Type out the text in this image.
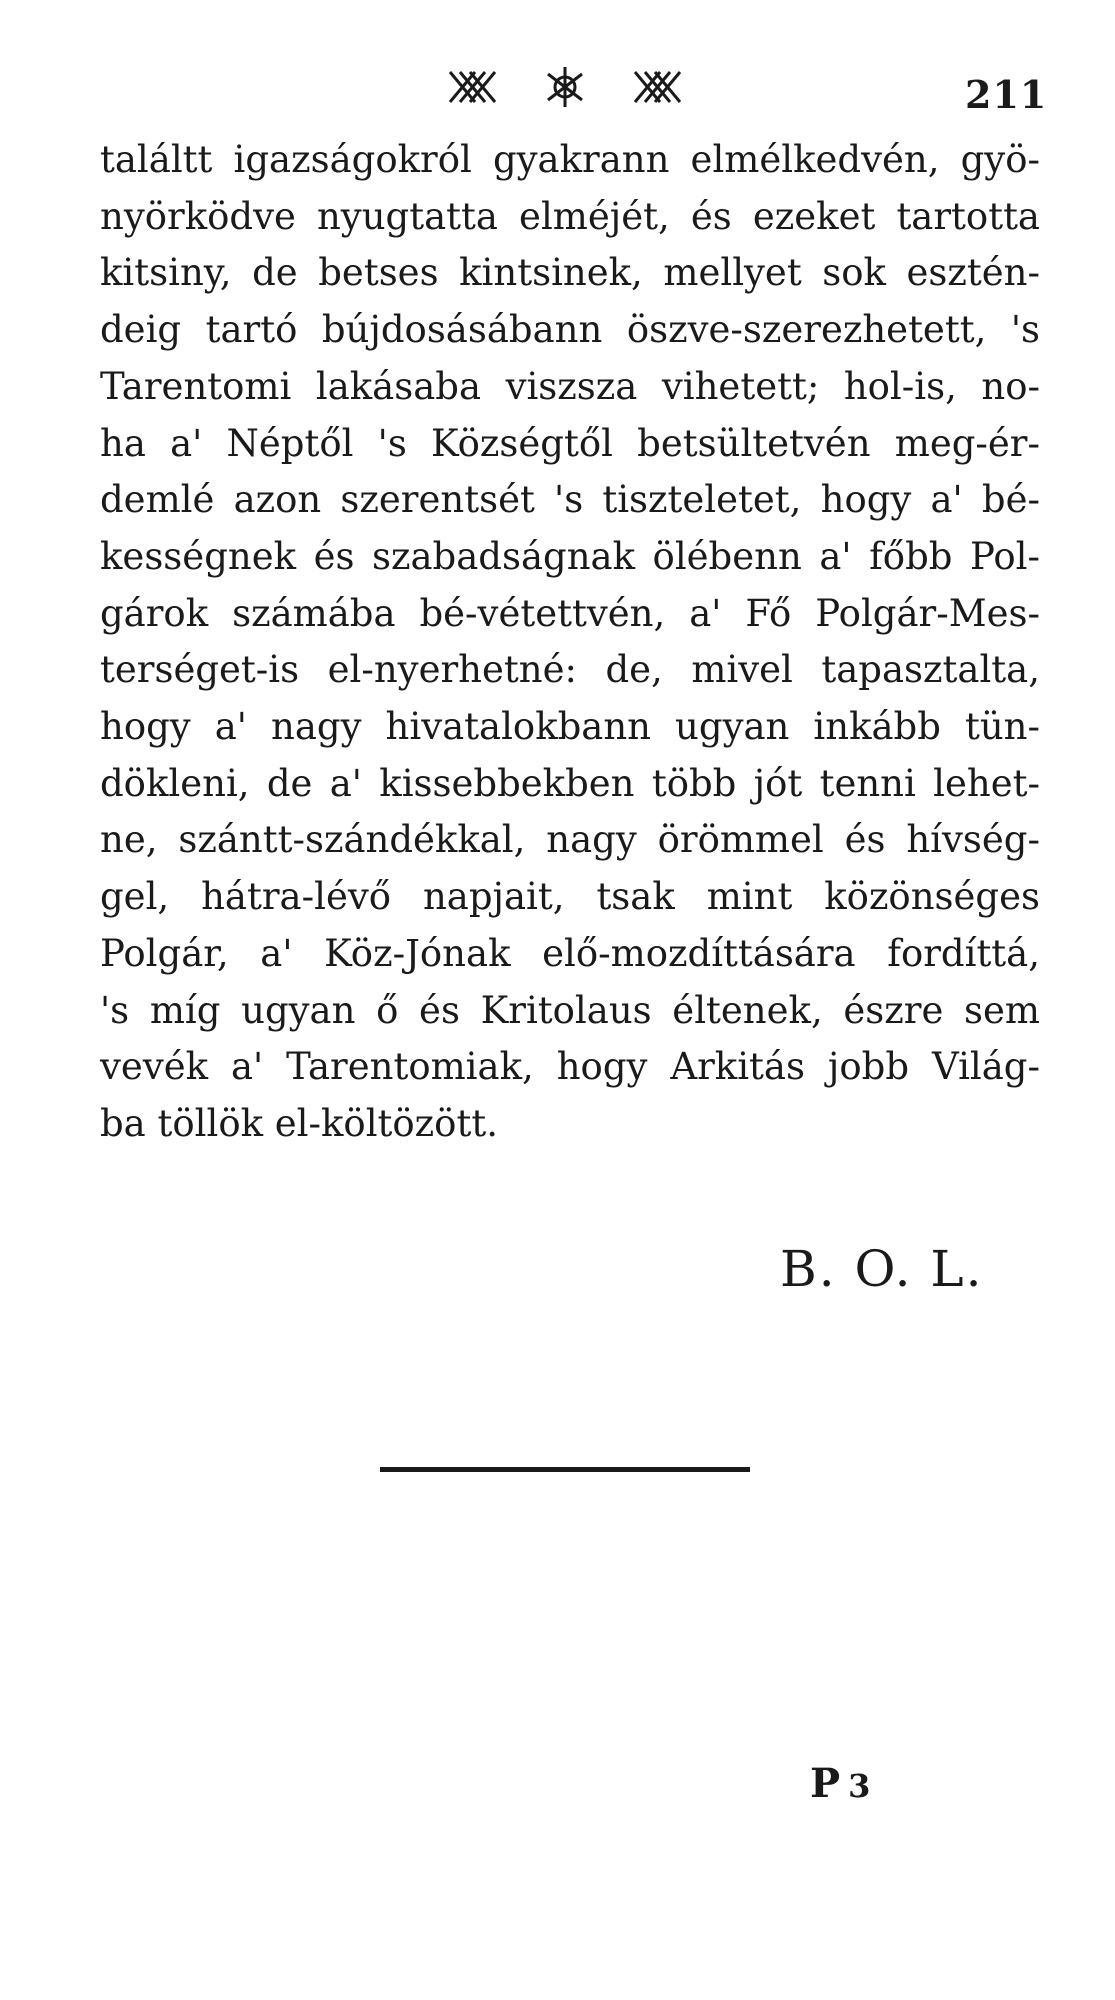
211

találtt igazságokról gyakrann elmélkedvén, gyö-
nyörködve nyugtatta elméjét, és ezeket tartotta
kitsiny, de betses kintsinek, mellyet sok esztén-
deig tartó bújdosásábann öszve-szerezhetett, 's
Tarentomi lakásaba viszsza vihetett; hol-is, no-
ha a' Néptől 's Községtől betsültetvén meg-ér-
demlé azon szerentsét 's tiszteletet, hogy a' bé-
kességnek és szabadságnak ölébenn a' főbb Pol-
gárok számába bé-vétettvén, a' Fő Polgár-Mes-
terséget-is el-nyerhetné: de, mivel tapasztalta,
hogy a' nagy hivatalokbann ugyan inkább tün-
dökleni, de a' kissebbekben több jót tenni lehet-
ne, szántt-szándékkal, nagy örömmel és hívség-
gel, hátra-lévő napjait, tsak mint közönséges
Polgár, a' Köz-Jónak elő-mozdíttására fordíttá,
's míg ugyan ő és Kritolaus éltenek, észre sem
vevék a' Tarentomiak, hogy Arkitás jobb Világ-
ba töllök el-költözött.

B. O. L.
P 3
